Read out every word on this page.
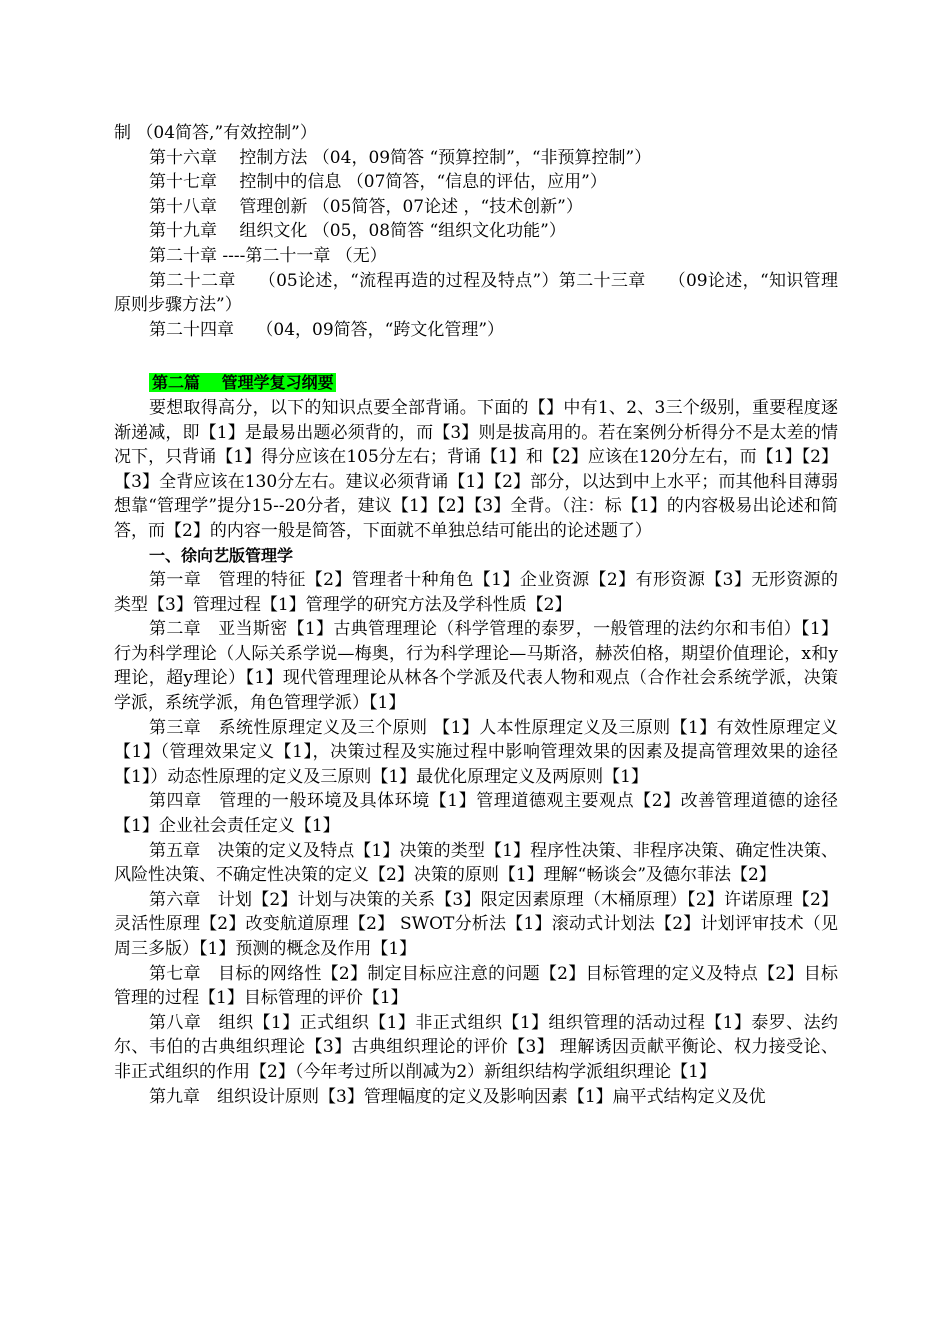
制 （04简答,”有效控制”）
第十六章　 控制方法 （04，09简答 “预算控制”，“非预算控制”）
第十七章　 控制中的信息 （07简答，“信息的评估，应用”）
第十八章　 管理创新 （05简答，07论述 ，“技术创新”）
第十九章　 组织文化 （05，08简答 “组织文化功能”）
第二十章 ----第二十一章 （无）

第二十二章　 （05论述，“流程再造的过程及特点”）第二十三章　 （09论述，“知识管理原则步骤方法”）

第二十四章　 （04，09简答，“跨文化管理”）
第二篇　 管理学复习纲要

要想取得高分，以下的知识点要全部背诵。下面的【】中有1、2、3三个级别，重要程度逐渐递减，即【1】是最易出题必须背的，而【3】则是拔高用的。若在案例分析得分不是太差的情况下，只背诵【1】得分应该在105分左右；背诵【1】和【2】应该在120分左右，而【1】【2】【3】全背应该在130分左右。建议必须背诵【1】【2】部分，以达到中上水平；而其他科目薄弱想靠“管理学”提分15--20分者，建议【1】【2】【3】全背。（注：标【1】的内容极易出论述和简答，而【2】的内容一般是简答，下面就不单独总结可能出的论述题了）

一、徐向艺版管理学

第一章　管理的特征【2】管理者十种角色【1】企业资源【2】有形资源【3】无形资源的类型【3】管理过程【1】管理学的研究方法及学科性质【2】

第二章　亚当斯密【1】古典管理理论（科学管理的泰罗，一般管理的法约尔和韦伯）【1】行为科学理论（人际关系学说—梅奥，行为科学理论—马斯洛，赫茨伯格，期望价值理论，x和y理论，超y理论）【1】现代管理理论从林各个学派及代表人物和观点（合作社会系统学派，决策学派，系统学派，角色管理学派）【1】

第三章　系统性原理定义及三个原则 【1】人本性原理定义及三原则【1】有效性原理定义【1】（管理效果定义【1】，决策过程及实施过程中影响管理效果的因素及提高管理效果的途径【1】）动态性原理的定义及三原则【1】最优化原理定义及两原则【1】

第四章　管理的一般环境及具体环境【1】管理道德观主要观点【2】改善管理道德的途径【1】企业社会责任定义【1】

第五章　决策的定义及特点【1】决策的类型【1】程序性决策、非程序决策、确定性决策、风险性决策、不确定性决策的定义【2】决策的原则【1】理解“畅谈会”及德尔菲法【2】

第六章　计划【2】计划与决策的关系【3】限定因素原理（木桶原理）【2】许诺原理【2】灵活性原理【2】改变航道原理【2】 SWOT分析法【1】滚动式计划法【2】计划评审技术（见周三多版）【1】预测的概念及作用【1】

第七章　目标的网络性【2】制定目标应注意的问题【2】目标管理的定义及特点【2】目标管理的过程【1】目标管理的评价【1】

第八章　组织【1】正式组织【1】非正式组织【1】组织管理的活动过程【1】泰罗、法约尔、韦伯的古典组织理论【3】古典组织理论的评价【3】 理解诱因贡献平衡论、权力接受论、非正式组织的作用【2】（今年考过所以削减为2）新组织结构学派组织理论【1】

第九章　组织设计原则【3】管理幅度的定义及影响因素【1】扁平式结构定义及优
